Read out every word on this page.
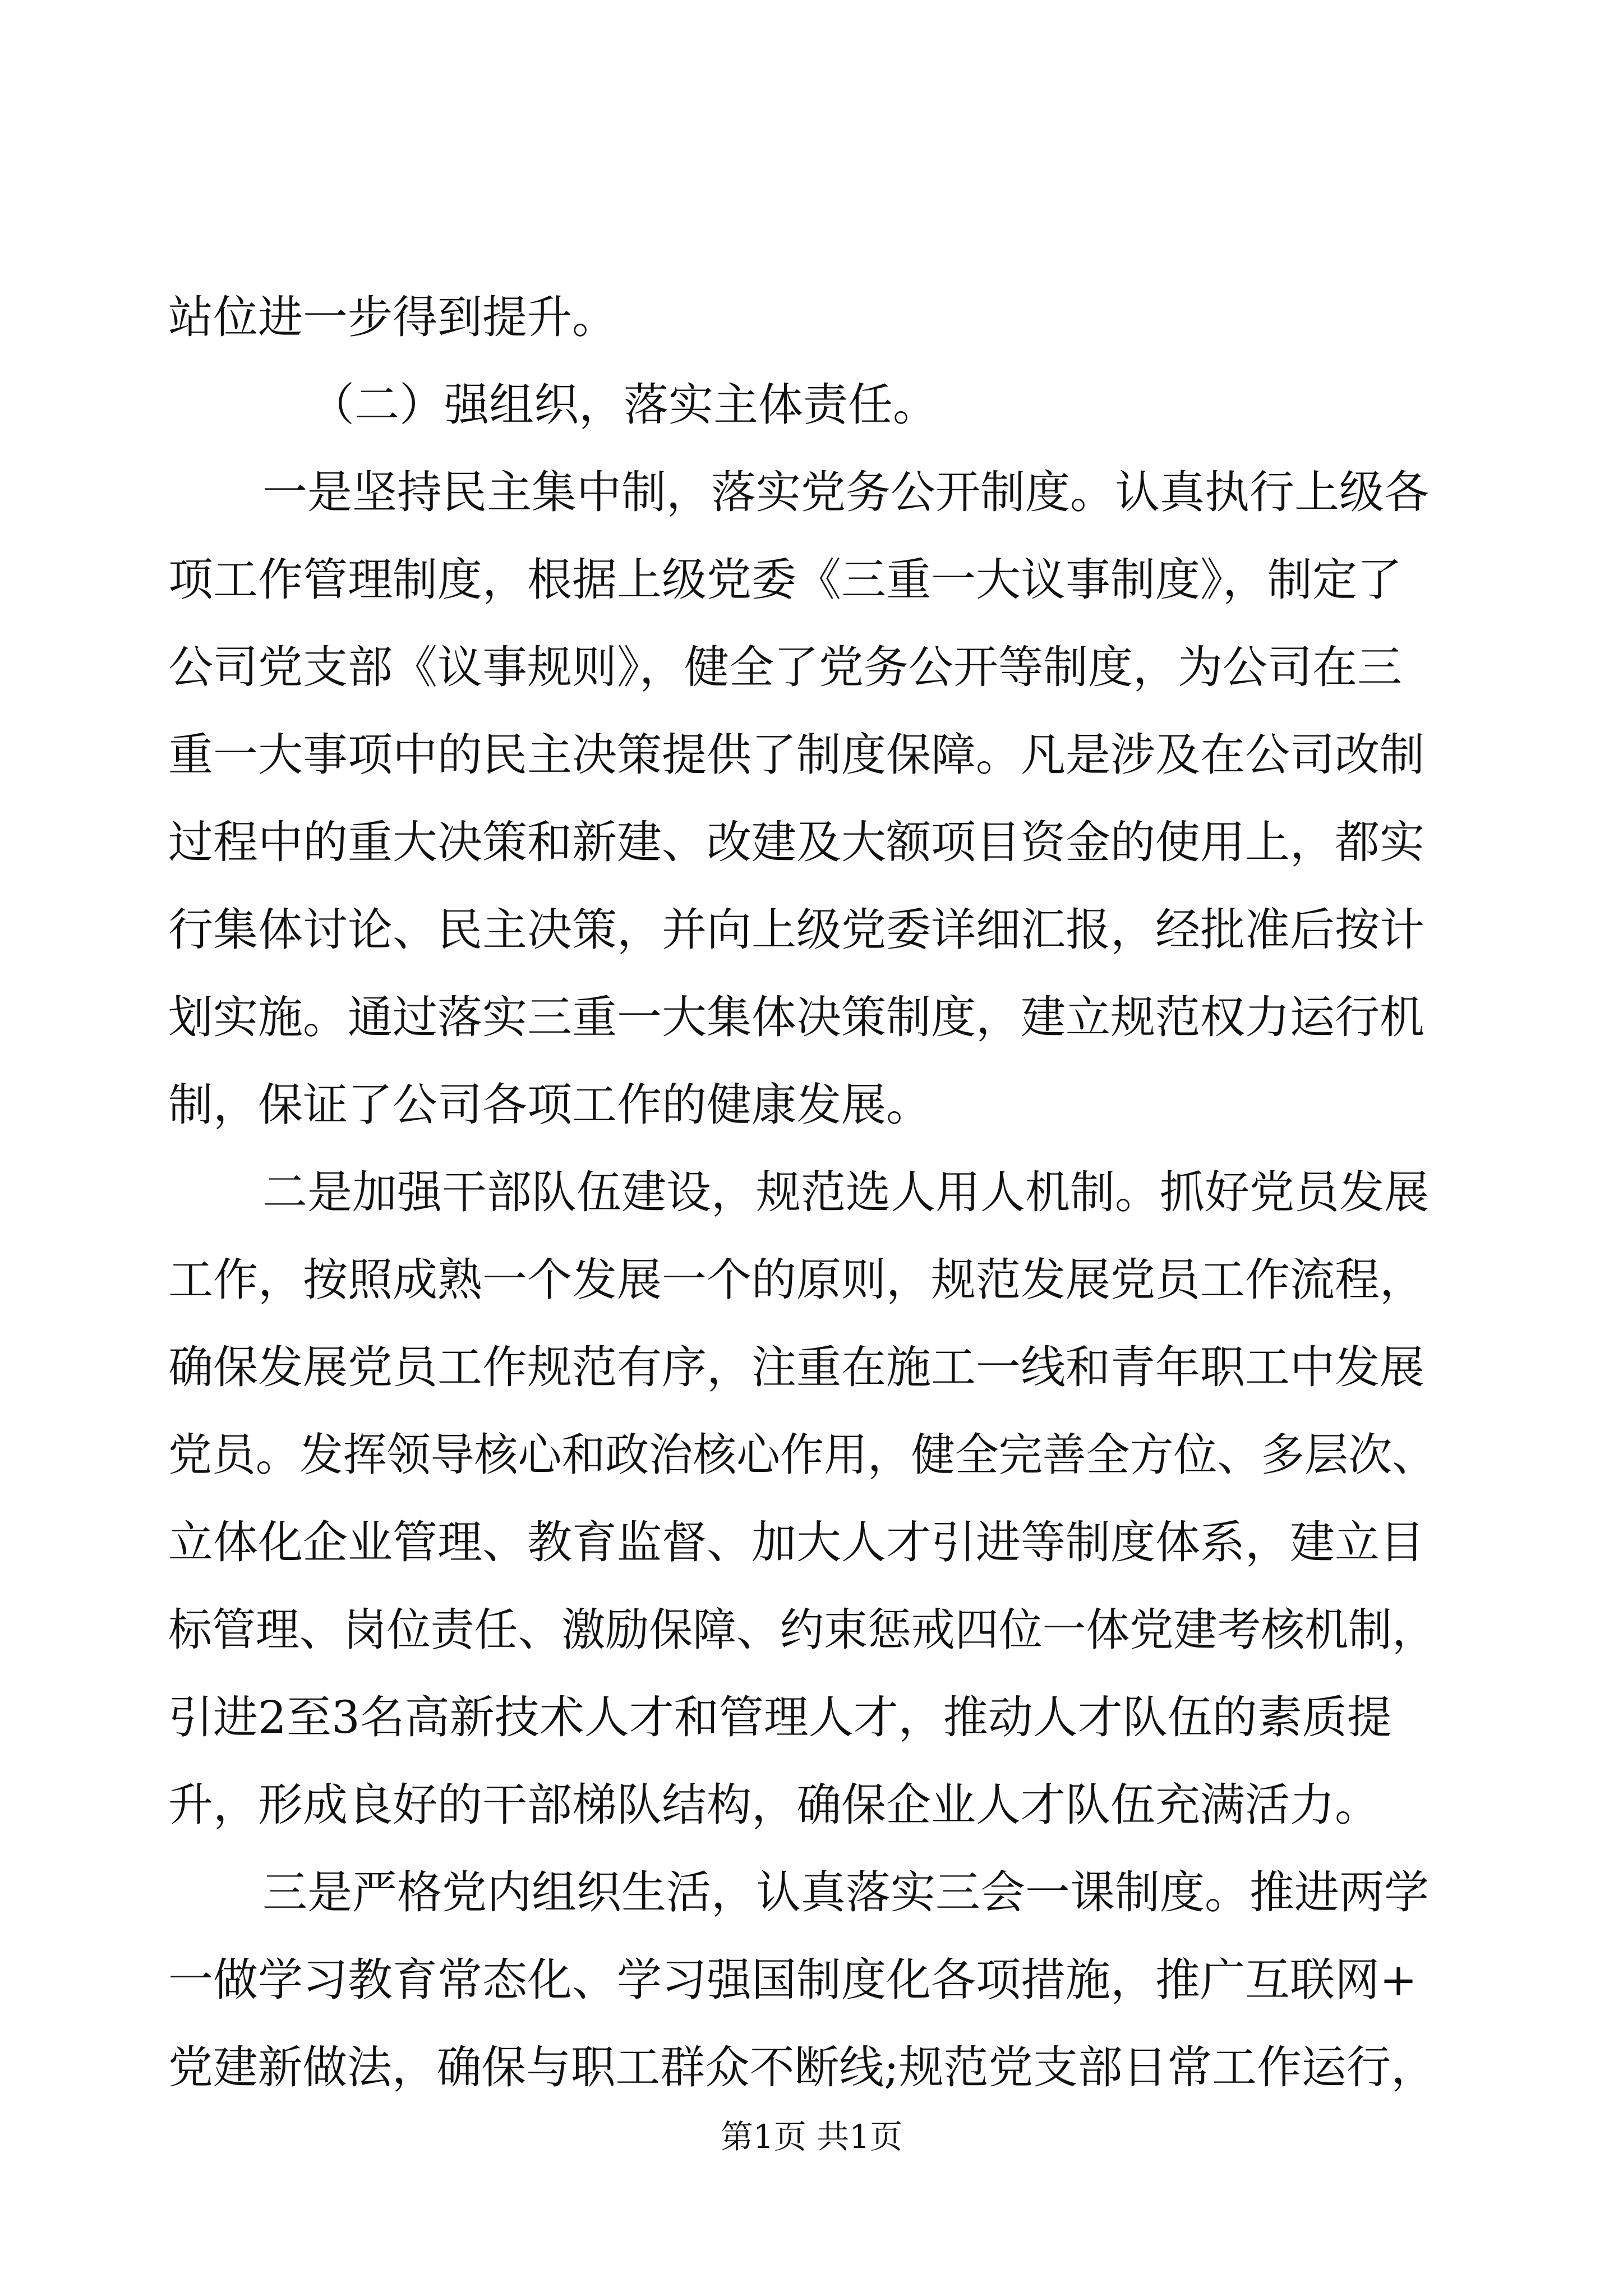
站位进一步得到提升。
（二）强组织，落实主体责任。
一是坚持民主集中制，落实党务公开制度。认真执行上级各
项工作管理制度，根据上级党委《三重一大议事制度》，制定了
公司党支部《议事规则》，健全了党务公开等制度，为公司在三
重一大事项中的民主决策提供了制度保障。凡是涉及在公司改制
过程中的重大决策和新建、改建及大额项目资金的使用上，都实
行集体讨论、民主决策，并向上级党委详细汇报，经批准后按计
划实施。通过落实三重一大集体决策制度，建立规范权力运行机
制，保证了公司各项工作的健康发展。
二是加强干部队伍建设，规范选人用人机制。抓好党员发展
工作，按照成熟一个发展一个的原则，规范发展党员工作流程，
确保发展党员工作规范有序，注重在施工一线和青年职工中发展
党员。发挥领导核心和政治核心作用，健全完善全方位、多层次、
立体化企业管理、教育监督、加大人才引进等制度体系，建立目
标管理、岗位责任、激励保障、约束惩戒四位一体党建考核机制，
引进2至3名高新技术人才和管理人才，推动人才队伍的素质提
升，形成良好的干部梯队结构，确保企业人才队伍充满活力。
三是严格党内组织生活，认真落实三会一课制度。推进两学
一做学习教育常态化、学习强国制度化各项措施，推广互联网+
党建新做法，确保与职工群众不断线;规范党支部日常工作运行，
第1页 共1页
